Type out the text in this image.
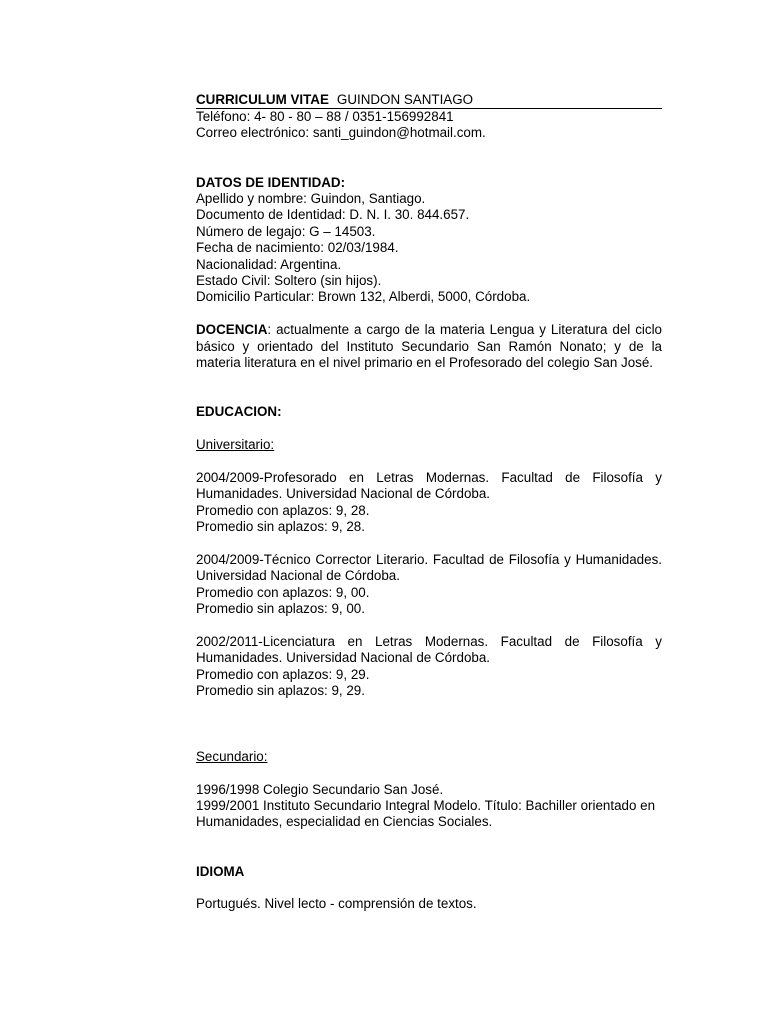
CURRICULUM VITAE GUINDON SANTIAGO
Teléfono: 4- 80 - 80 – 88 / 0351-156992841
Correo electrónico: santi_guindon@hotmail.com.
DATOS DE IDENTIDAD:
Apellido y nombre: Guindon, Santiago.
Documento de Identidad: D. N. I. 30. 844.657.
Número de legajo: G – 14503.
Fecha de nacimiento: 02/03/1984.
Nacionalidad: Argentina.
Estado Civil: Soltero (sin hijos).
Domicilio Particular: Brown 132, Alberdi, 5000, Córdoba.

DOCENCIA: actualmente a cargo de la materia Lengua y Literatura del ciclo básico y orientado del Instituto Secundario San Ramón Nonato; y de la materia literatura en el nivel primario en el Profesorado del colegio San José.

EDUCACION:
Universitario:

2004/2009-Profesorado en Letras Modernas. Facultad de Filosofía y Humanidades. Universidad Nacional de Córdoba.

Promedio con aplazos: 9, 28.
Promedio sin aplazos: 9, 28.

2004/2009-Técnico Corrector Literario. Facultad de Filosofía y Humanidades. Universidad Nacional de Córdoba.

Promedio con aplazos: 9, 00.
Promedio sin aplazos: 9, 00.

2002/2011-Licenciatura en Letras Modernas. Facultad de Filosofía y Humanidades. Universidad Nacional de Córdoba.

Promedio con aplazos: 9, 29.
Promedio sin aplazos: 9, 29.
Secundario:
1996/1998 Colegio Secundario San José.

1999/2001 Instituto Secundario Integral Modelo. Título: Bachiller orientado en Humanidades, especialidad en Ciencias Sociales.

IDIOMA
Portugués. Nivel lecto - comprensión de textos.
